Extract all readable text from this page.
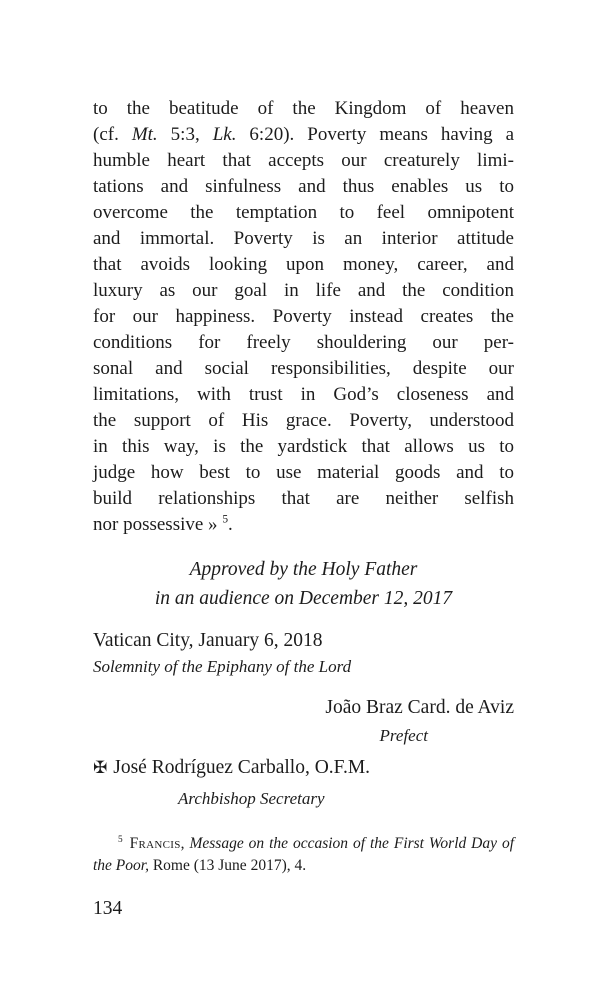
to the beatitude of the Kingdom of heaven
(cf. Mt. 5:3, Lk. 6:20). Poverty means having a
humble heart that accepts our creaturely limi-
tations and sinfulness and thus enables us to
overcome the temptation to feel omnipotent
and immortal. Poverty is an interior attitude
that avoids looking upon money, career, and
luxury as our goal in life and the condition
for our happiness. Poverty instead creates the
conditions for freely shouldering our per-
sonal and social responsibilities, despite our
limitations, with trust in God’s closeness and
the support of His grace. Poverty, understood
in this way, is the yardstick that allows us to
judge how best to use material goods and to
build relationships that are neither selfish
nor possessive » $^5$.
Approved by the Holy Father
in an audience on December 12, 2017
Vatican City, January 6, 2018
Solemnity of the Epiphany of the Lord
João Braz Card. de Aviz
Prefect
✠ José Rodríguez Carballo, O.F.M.
Archbishop Secretary
$^5$ Francis, Message on the occasion of the First World Day of
the Poor, Rome (13 June 2017), 4.
134
